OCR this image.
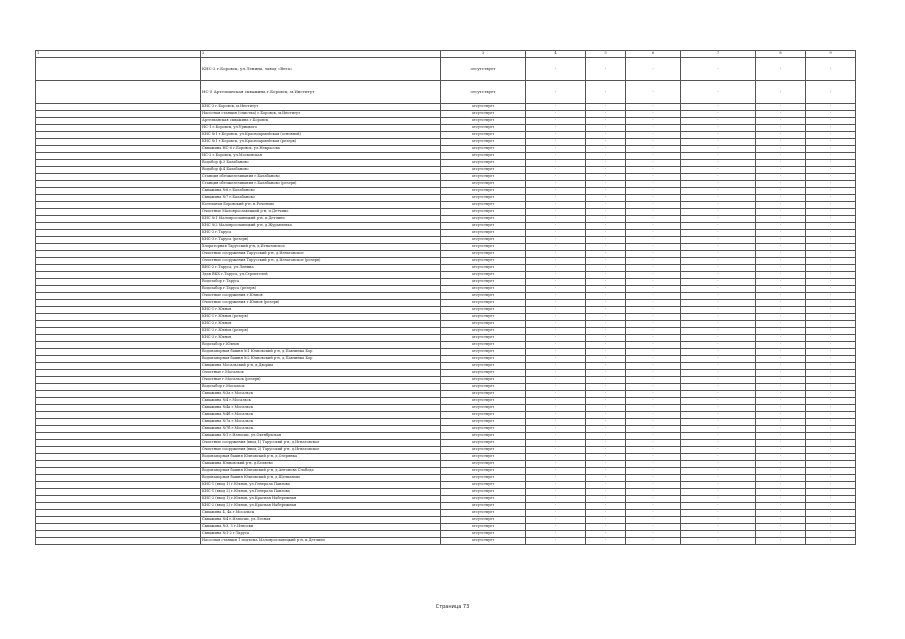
1	2	3	4	5	6	7	8	9
	КНС-2 г.Боровск, ул.Ленина, завод «Вега»	отсутствует	-	-	-	-	-	-
	НС-5 Артезианская скважина г.Боровск, м.Институт	отсутствует	-	-	-	-	-	-
	КНС-3 г.Боровск, м.Институт	отсутствует	-	-	-	-	-	-
	Насосная станция (очистка) г.Боровск, м.Институт	отсутствует	-	-	-	-	-	-
	Артезианская скважина г.Боровск	отсутствует	-	-	-	-	-	-
	НС-1 г.Боровск, ул.Урицкого	отсутствует	-	-	-	-	-	-
	КНС №1 г.Боровск, ул.Красноармейская (основной)	отсутствует	-	-	-	-	-	-
	КНС №1 г.Боровск, ул.Красноармейская (резерв)	отсутствует	-	-	-	-	-	-
	Скважина НС-6 г.Боровск, ул.Некрасова	отсутствует	-	-	-	-	-	-
	НС-2 г.Боровск, ул.Московская	отсутствует	-	-	-	-	-	-
	Водобор ф.3 Балабаново	отсутствует	-	-	-	-	-	-
	Водобор ф.4 Балабаново	отсутствует	-	-	-	-	-	-
	Станция обезжелезивания г.Балабаново	отсутствует	-	-	-	-	-	-
	Станция обезжелезивания г.Балабаново (резерв)	отсутствует	-	-	-	-	-	-
	Скважина №6 г.Балабаново	отсутствует	-	-	-	-	-	-
	Скважина №7 г.Балабаново	отсутствует	-	-	-	-	-	-
	Котельная Боровский р-н, п.Роченово	отсутствует	-	-	-	-	-	-
	Очистные Малоярославецкий р-н, п.Детчино	отсутствует	-	-	-	-	-	-
	КНС №1 Малоярославецкий р-н, п.Детчино	отсутствует	-	-	-	-	-	-
	КНС №2 Малоярославецкий р-н, д.Журавлевка	отсутствует	-	-	-	-	-	-
	КНС-2 г.Таруса	отсутствует	-	-	-	-	-	-
	КНС-3 г.Таруса (резерв)	отсутствует	-	-	-	-	-	-
	Хлораторная Тарусский р-н, д.Игнатовское	отсутствует	-	-	-	-	-	-
	Очистные сооружения Тарусский р-н, д.Игнатовское	отсутствует	-	-	-	-	-	-
	Очистные сооружения Тарусский р-н, д.Игнатовское (резерв)	отсутствует	-	-	-	-	-	-
	ВНС-2 г.Таруса, ул.Ленина	отсутствует	-	-	-	-	-	-
	Здая ВКХ г.Таруса, ул.Строителей	отсутствует	-	-	-	-	-	-
	Водозабор г.Таруса	отсутствует	-	-	-	-	-	-
	Водозабор г.Таруса (резерв)	отсутствует	-	-	-	-	-	-
	Очистные сооружения г.Юхнов	отсутствует	-	-	-	-	-	-
	Очистные сооружения г.Юхнов (резерв)	отсутствует	-	-	-	-	-	-
	КНС-1 г.Юхнов	отсутствует	-	-	-	-	-	-
	КНС-1 г.Юхнов (резерв)	отсутствует	-	-	-	-	-	-
	КНС-2 г.Юхнов	отсутствует	-	-	-	-	-	-
	КНС-2 г.Юхнов (резерв)	отсутствует	-	-	-	-	-	-
	КНС-3 г.Юхнов	отсутствует	-	-	-	-	-	-
	Водозабор г.Юхнов	отсутствует	-	-	-	-	-	-
	Водонапорная башня №1 Юхновский р-н, д.Павлинка Бор	отсутствует	-	-	-	-	-	-
	Водонапорная башня №2 Юхновский р-н, д.Павлинка Бор	отсутствует	-	-	-	-	-	-
	Скважина Мосальский р-н, д.Дворцы	отсутствует	-	-	-	-	-	-
	Очистные г.Мосальск	отсутствует	-	-	-	-	-	-
	Очистные г.Мосальск (резерв)	отсутствует	-	-	-	-	-	-
	Водозабор г.Мосальск	отсутствует	-	-	-	-	-	-
	Скважина №3а г.Мосальск	отсутствует	-	-	-	-	-	-
	Скважина №4 г.Мосальск	отсутствует	-	-	-	-	-	-
	Скважина №4а г.Мосальск	отсутствует	-	-	-	-	-	-
	Скважина №4б г.Мосальск	отсутствует	-	-	-	-	-	-
	Скважина №7а г.Мосальск	отсутствует	-	-	-	-	-	-
	Скважина №7б г.Мосальск	отсутствует	-	-	-	-	-	-
	Скважина №1 г.Износки, ул.Октябрьская	отсутствует	-	-	-	-	-	-
	Очистные сооружения (ввод 1) Тарусский р-н, д.Игнатовское	отсутствует	-	-	-	-	-	-
	Очистные сооружения (ввод 2) Тарусский р-н, д.Игнатовское	отсутствует	-	-	-	-	-	-
	Водонапорная башня Юхновский р-н, д.Озерянка	отсутствует	-	-	-	-	-	-
	Скважина Юхновский р-н, д.Беляево	отсутствует	-	-	-	-	-	-
	Водонапорная башня Юхновский р-н, д.Антонова Слобода	отсутствует	-	-	-	-	-	-
	Водонапорная башня Юхновский р-н, д.Щелканово	отсутствует	-	-	-	-	-	-
	КНС-1 (ввод 1) г.Юхнов, ул.Генерала Павлова	отсутствует	-	-	-	-	-	-
	КНС-1 (ввод 2) г.Юхнов, ул.Генерала Павлова	отсутствует	-	-	-	-	-	-
	КНС-2 (ввод 1) г.Юхнов, ул.Красная Набережная	отсутствует	-	-	-	-	-	-
	КНС-2 (ввод 2) г.Юхнов, ул.Красная Набережная	отсутствует	-	-	-	-	-	-
	Скважина 4, 4а г.Мосальск	отсутствует	-	-	-	-	-	-
	Скважина №4 г.Износки, ул.Лесная	отсутствует	-	-	-	-	-	-
	Скважина №3, 5 г.Износки	отсутствует	-	-	-	-	-	-
	Скважина №1-2 г.Таруса	отсутствует	-	-	-	-	-	-
	Насосная станция 1 подъема Малоярославецкий р-н, п.Детчино	отсутствует	-	-	-	-	-	-
Страница 73
